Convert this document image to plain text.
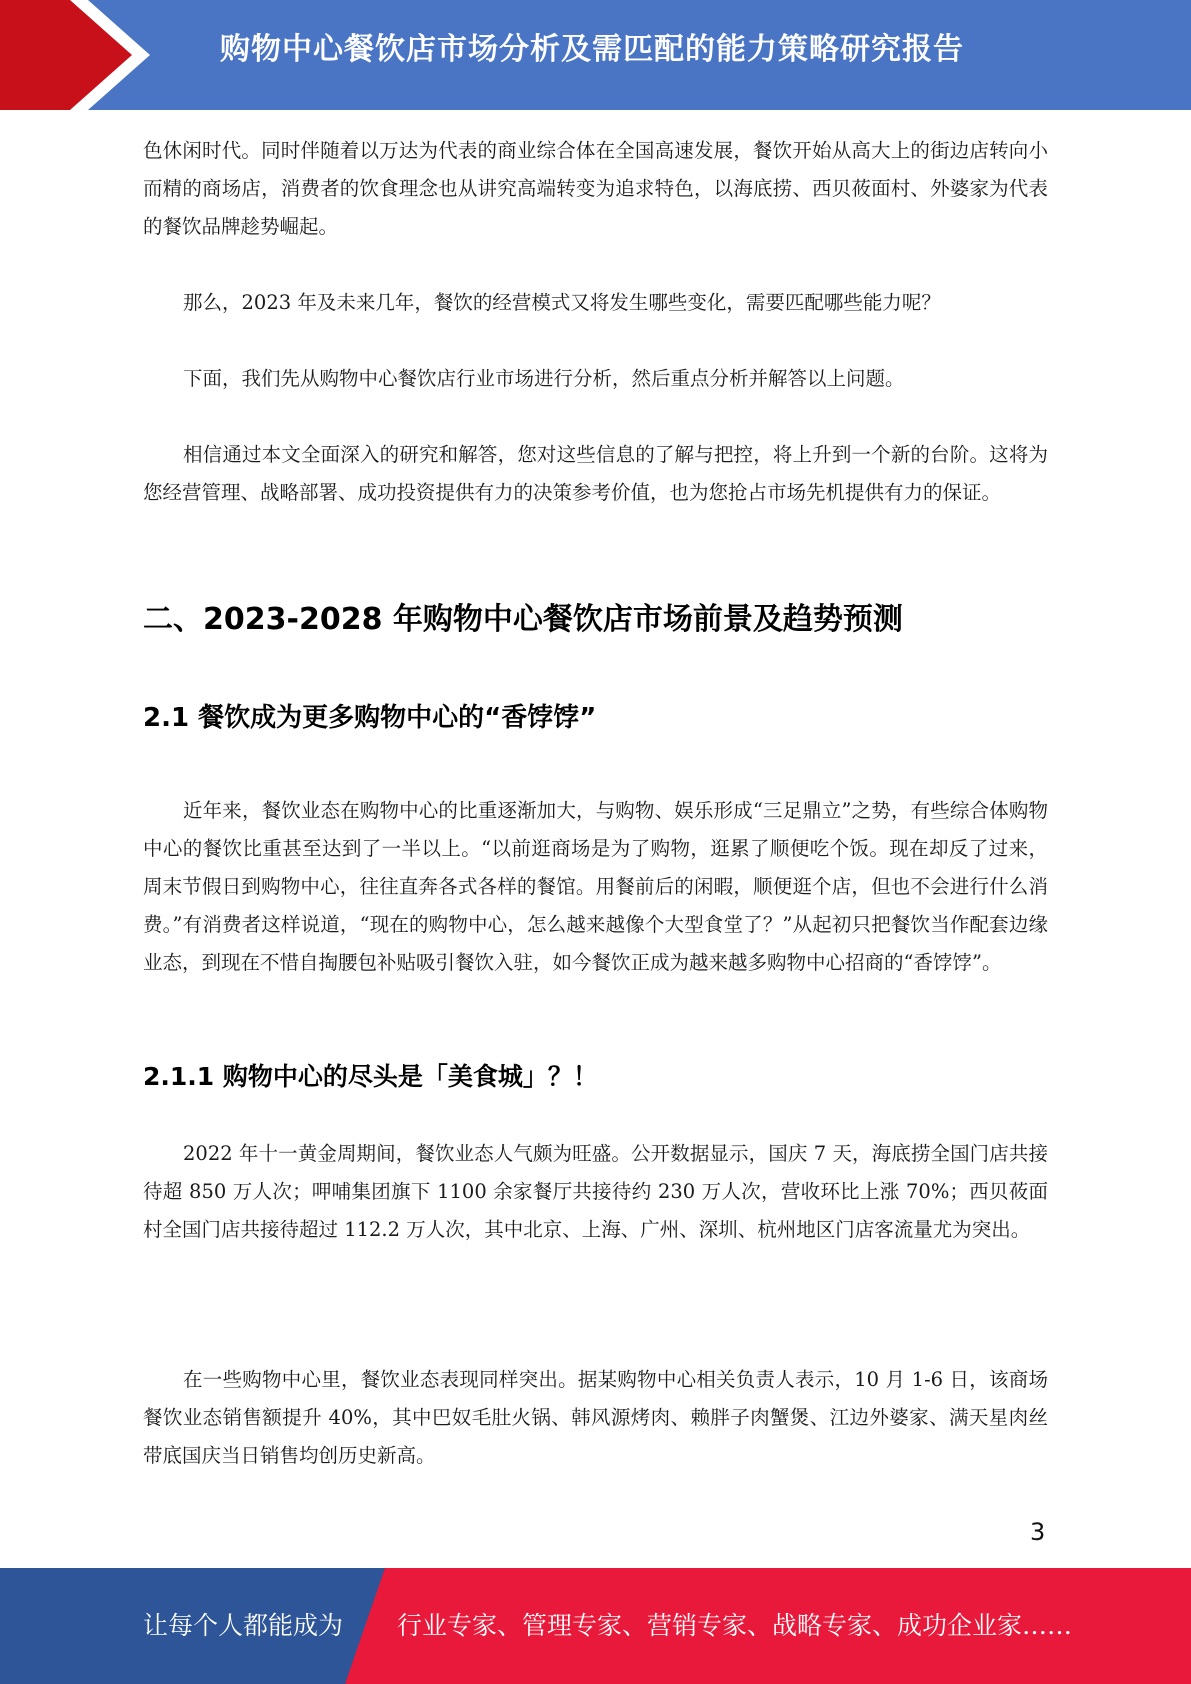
购物中心餐饮店市场分析及需匹配的能力策略研究报告

色休闲时代。同时伴随着以万达为代表的商业综合体在全国高速发展，餐饮开始从高大上的街边店转向小而精的商场店，消费者的饮食理念也从讲究高端转变为追求特色，以海底捞、西贝莜面村、外婆家为代表的餐饮品牌趁势崛起。

那么，2023 年及未来几年，餐饮的经营模式又将发生哪些变化，需要匹配哪些能力呢？

下面，我们先从购物中心餐饮店行业市场进行分析，然后重点分析并解答以上问题。

相信通过本文全面深入的研究和解答，您对这些信息的了解与把控，将上升到一个新的台阶。这将为您经营管理、战略部署、成功投资提供有力的决策参考价值，也为您抢占市场先机提供有力的保证。

二、2023-2028 年购物中心餐饮店市场前景及趋势预测
2.1 餐饮成为更多购物中心的“香饽饽”

近年来，餐饮业态在购物中心的比重逐渐加大，与购物、娱乐形成“三足鼎立”之势，有些综合体购物中心的餐饮比重甚至达到了一半以上。“以前逛商场是为了购物，逛累了顺便吃个饭。现在却反了过来，周末节假日到购物中心，往往直奔各式各样的餐馆。用餐前后的闲暇，顺便逛个店，但也不会进行什么消费。”有消费者这样说道，“现在的购物中心，怎么越来越像个大型食堂了？”从起初只把餐饮当作配套边缘业态，到现在不惜自掏腰包补贴吸引餐饮入驻，如今餐饮正成为越来越多购物中心招商的“香饽饽”。

2.1.1 购物中心的尽头是「美食城」？！

2022 年十一黄金周期间，餐饮业态人气颇为旺盛。公开数据显示，国庆 7 天，海底捞全国门店共接待超 850 万人次；呷哺集团旗下 1100 余家餐厅共接待约 230 万人次，营收环比上涨 70%；西贝莜面村全国门店共接待超过 112.2 万人次，其中北京、上海、广州、深圳、杭州地区门店客流量尤为突出。

在一些购物中心里，餐饮业态表现同样突出。据某购物中心相关负责人表示，10 月 1-6 日，该商场餐饮业态销售额提升 40%，其中巴奴毛肚火锅、韩风源烤肉、赖胖子肉蟹煲、江边外婆家、满天星肉丝带底国庆当日销售均创历史新高。

3
让每个人都能成为 行业专家、管理专家、营销专家、战略专家、成功企业家……
